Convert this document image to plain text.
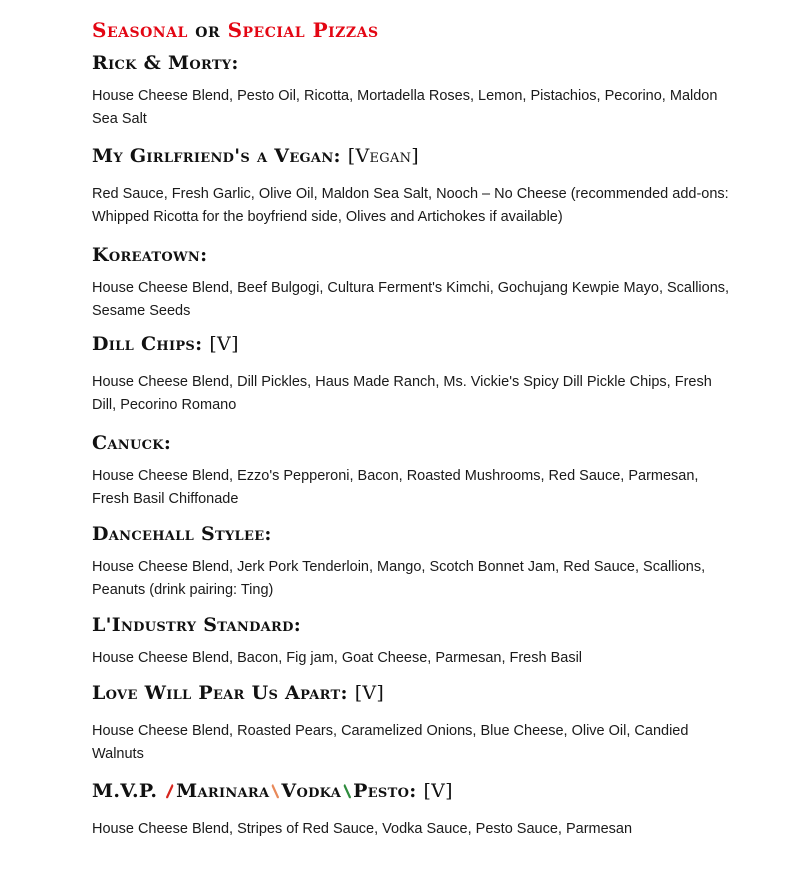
Seasonal or Special Pizzas
Rick & Morty:
House Cheese Blend, Pesto Oil, Ricotta, Mortadella Roses, Lemon, Pistachios, Pecorino, Maldon Sea Salt
My Girlfriend's a Vegan: [Vegan]
Red Sauce, Fresh Garlic, Olive Oil, Maldon Sea Salt, Nooch – No Cheese (recommended add-ons: Whipped Ricotta for the boyfriend side, Olives and Artichokes if available)
Koreatown:
House Cheese Blend, Beef Bulgogi, Cultura Ferment's Kimchi, Gochujang Kewpie Mayo, Scallions, Sesame Seeds
Dill Chips: [V]
House Cheese Blend, Dill Pickles, Haus Made Ranch, Ms. Vickie's Spicy Dill Pickle Chips, Fresh Dill, Pecorino Romano
Canuck:
House Cheese Blend, Ezzo's Pepperoni, Bacon, Roasted Mushrooms, Red Sauce, Parmesan, Fresh Basil Chiffonade
Dancehall Stylee:
House Cheese Blend, Jerk Pork Tenderloin, Mango, Scotch Bonnet Jam, Red Sauce, Scallions, Peanuts (drink pairing: Ting)
L'Industry Standard:
House Cheese Blend, Bacon, Fig jam, Goat Cheese, Parmesan, Fresh Basil
Love Will Pear Us Apart: [V]
House Cheese Blend, Roasted Pears, Caramelized Onions, Blue Cheese, Olive Oil, Candied Walnuts
M.V.P. Marinara Vodka Pesto: [V]
House Cheese Blend, Stripes of Red Sauce, Vodka Sauce, Pesto Sauce, Parmesan
